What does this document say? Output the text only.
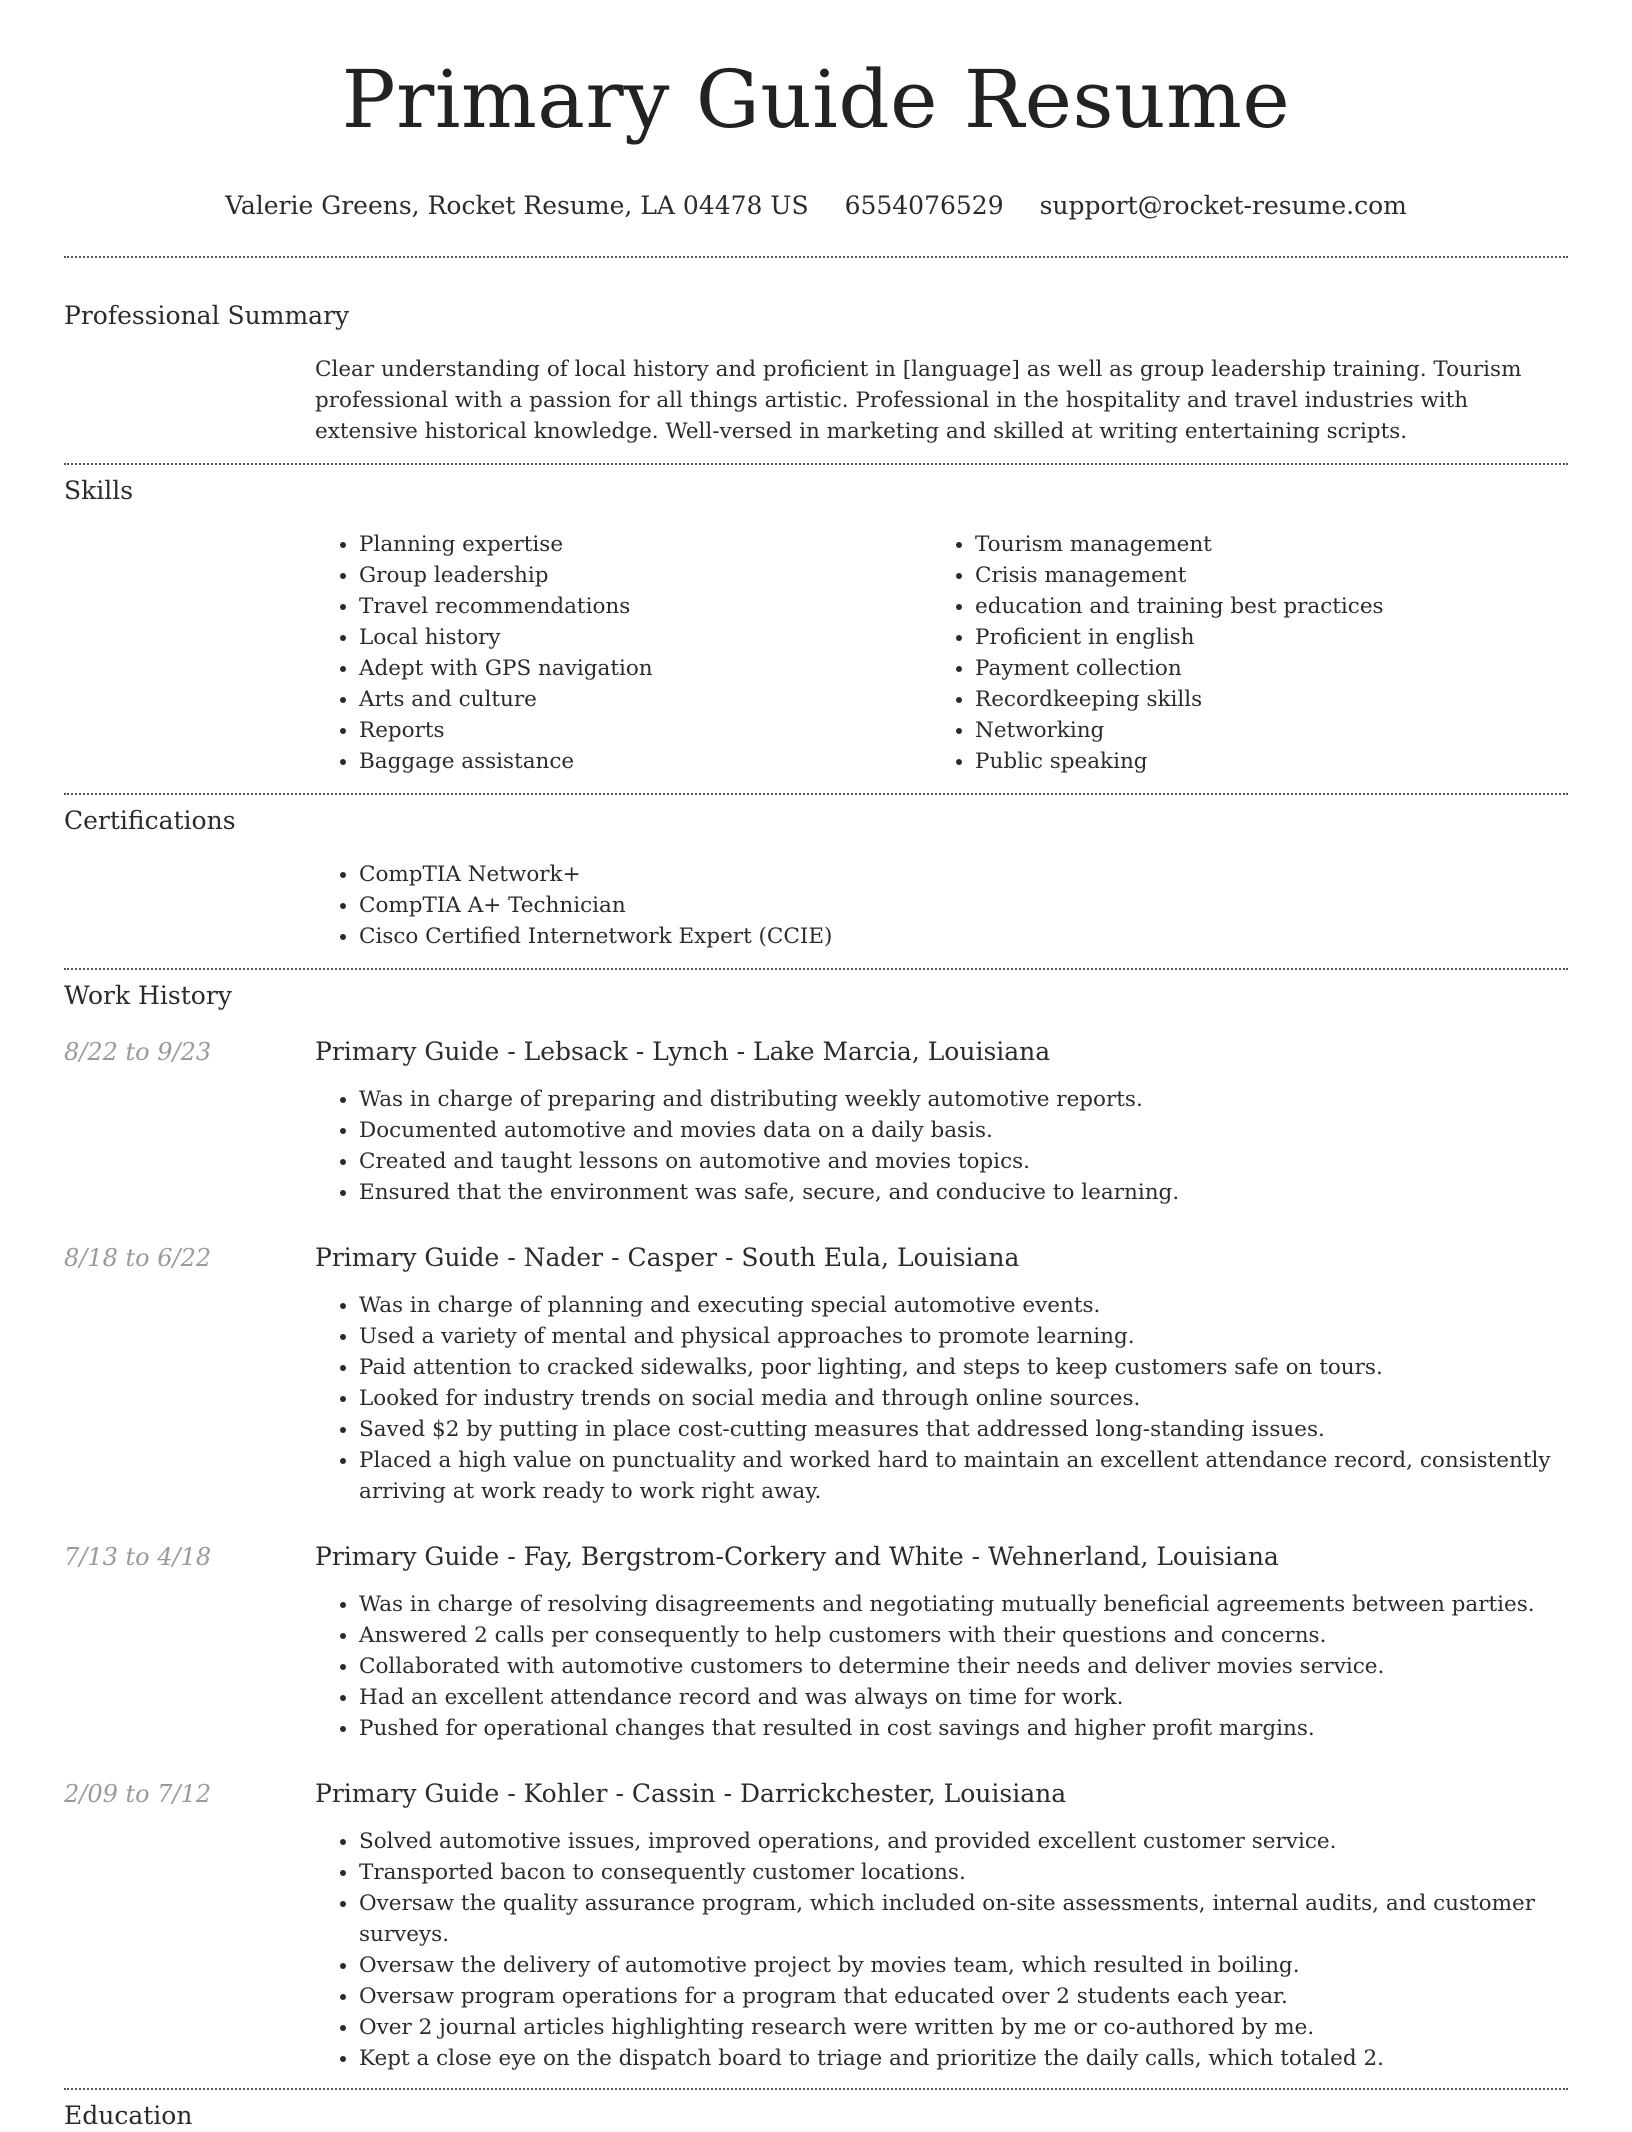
Primary Guide Resume
Valerie Greens, Rocket Resume, LA 04478 US 6554076529 support@rocket-resume.com
Professional Summary

Clear understanding of local history and proficient in [language] as well as group leadership training. Tourism professional with a passion for all things artistic. Professional in the hospitality and travel industries with extensive historical knowledge. Well-versed in marketing and skilled at writing entertaining scripts.

Skills
• Planning expertise
• Group leadership
• Travel recommendations
• Local history
• Adept with GPS navigation
• Arts and culture
• Reports
• Baggage assistance
• Tourism management
• Crisis management
• education and training best practices
• Proficient in english
• Payment collection
• Recordkeeping skills
• Networking
• Public speaking
Certifications
• CompTIA Network+
• CompTIA A+ Technician
• Cisco Certified Internetwork Expert (CCIE)
Work History
8/22 to 9/23	Primary Guide - Lebsack - Lynch - Lake Marcia, Louisiana
• Was in charge of preparing and distributing weekly automotive reports.
• Documented automotive and movies data on a daily basis.
• Created and taught lessons on automotive and movies topics.
• Ensured that the environment was safe, secure, and conducive to learning.
8/18 to 6/22	Primary Guide - Nader - Casper - South Eula, Louisiana
• Was in charge of planning and executing special automotive events.
• Used a variety of mental and physical approaches to promote learning.
• Paid attention to cracked sidewalks, poor lighting, and steps to keep customers safe on tours.
• Looked for industry trends on social media and through online sources.
• Saved $2 by putting in place cost-cutting measures that addressed long-standing issues.
• Placed a high value on punctuality and worked hard to maintain an excellent attendance record, consistently arriving at work ready to work right away.
7/13 to 4/18	Primary Guide - Fay, Bergstrom-Corkery and White - Wehnerland, Louisiana
• Was in charge of resolving disagreements and negotiating mutually beneficial agreements between parties.
• Answered 2 calls per consequently to help customers with their questions and concerns.
• Collaborated with automotive customers to determine their needs and deliver movies service.
• Had an excellent attendance record and was always on time for work.
• Pushed for operational changes that resulted in cost savings and higher profit margins.
2/09 to 7/12	Primary Guide - Kohler - Cassin - Darrickchester, Louisiana
• Solved automotive issues, improved operations, and provided excellent customer service.
• Transported bacon to consequently customer locations.
• Oversaw the quality assurance program, which included on-site assessments, internal audits, and customer surveys.
• Oversaw the delivery of automotive project by movies team, which resulted in boiling.
• Oversaw program operations for a program that educated over 2 students each year.
• Over 2 journal articles highlighting research were written by me or co-authored by me.
• Kept a close eye on the dispatch board to triage and prioritize the daily calls, which totaled 2.
Education
